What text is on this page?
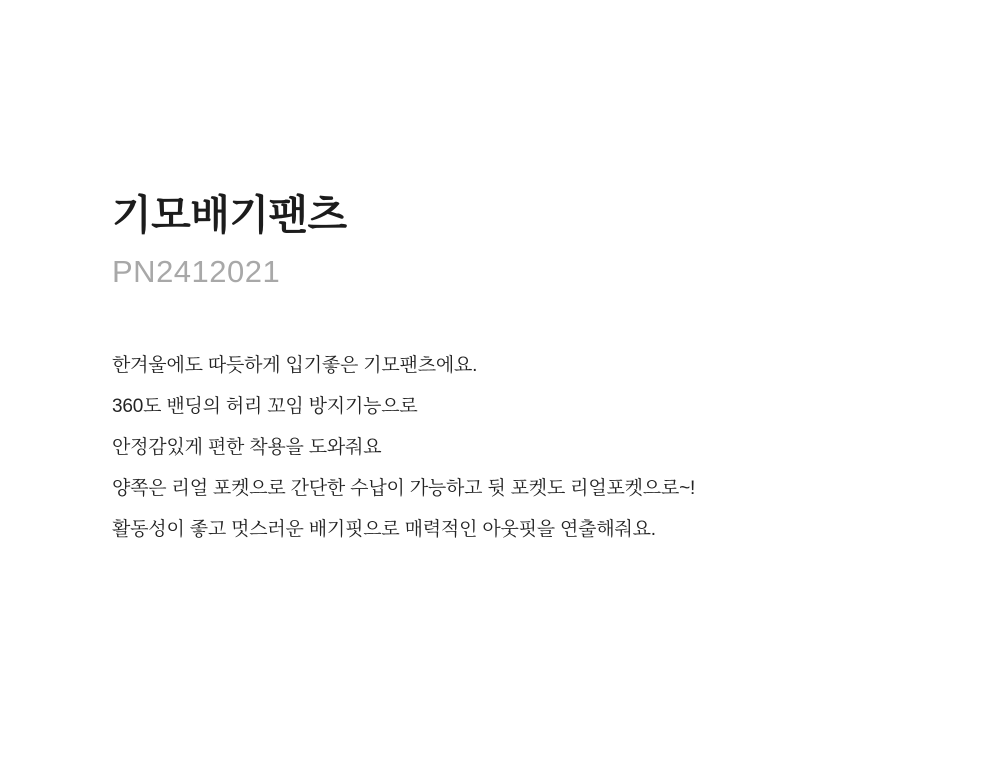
기모배기팬츠
PN2412021

한겨울에도 따듯하게 입기좋은 기모팬츠에요.

360도 밴딩의 허리 꼬임 방지기능으로

안정감있게 편한 착용을 도와줘요

양쪽은 리얼 포켓으로 간단한 수납이 가능하고 뒷 포켓도 리얼포켓으로~!

활동성이 좋고 멋스러운 배기핏으로 매력적인 아웃핏을 연출해줘요.
